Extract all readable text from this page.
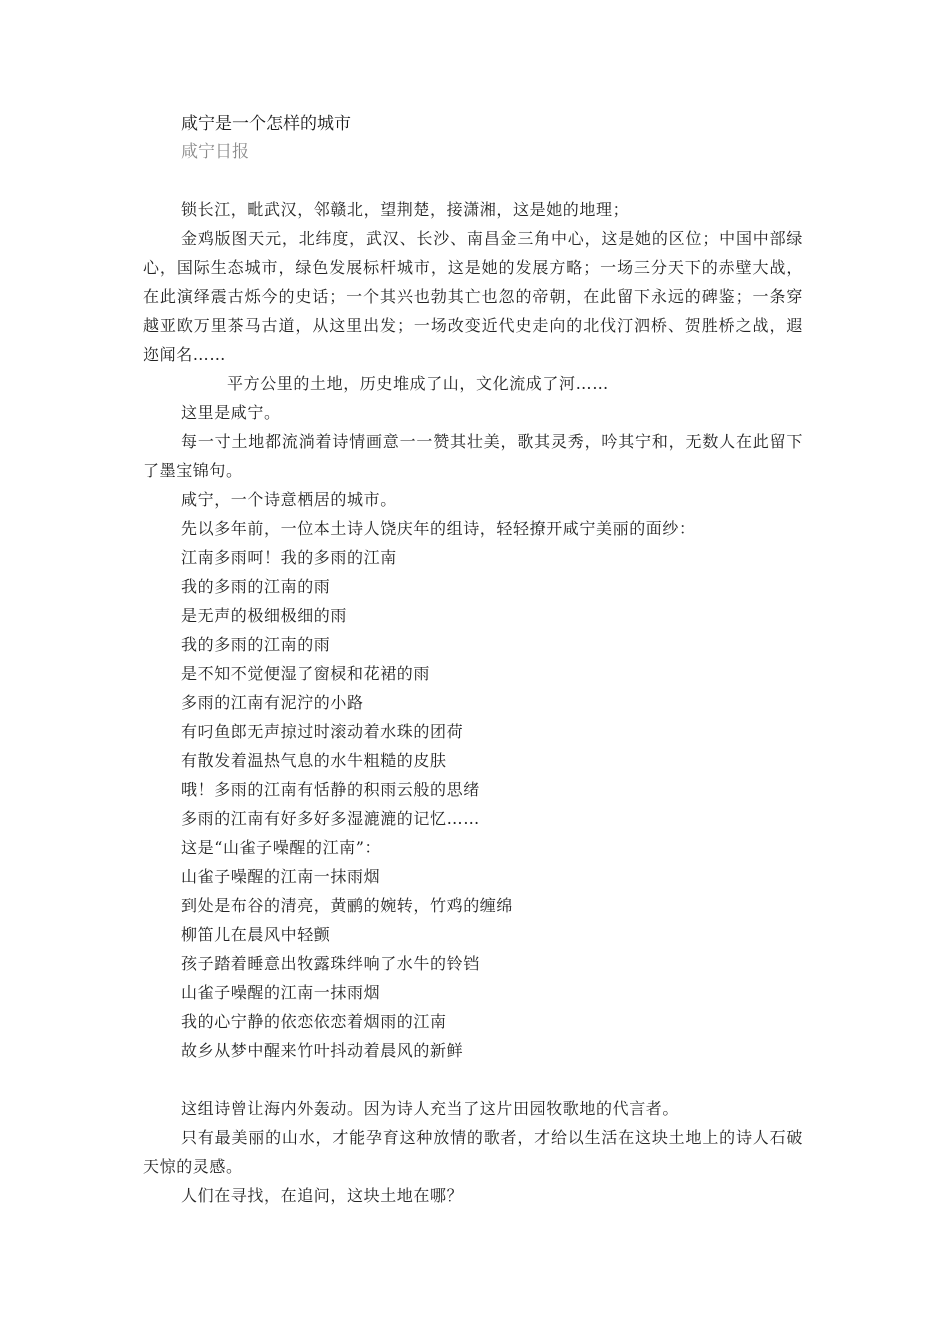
咸宁是一个怎样的城市
咸宁日报

锁长江，毗武汉，邻赣北，望荆楚，接潇湘，这是她的地理；

金鸡版图天元，北纬度，武汉、长沙、南昌金三角中心，这是她的区位；中国中部绿心，国际生态城市，绿色发展标杆城市，这是她的发展方略；一场三分天下的赤壁大战，在此演绎震古烁今的史话；一个其兴也勃其亡也忽的帝朝，在此留下永远的碑鉴；一条穿越亚欧万里茶马古道，从这里出发；一场改变近代史走向的北伐汀泗桥、贺胜桥之战，遐迩闻名……

平方公里的土地，历史堆成了山，文化流成了河……

这里是咸宁。

每一寸土地都流淌着诗情画意一一赞其壮美，歌其灵秀，吟其宁和，无数人在此留下了墨宝锦句。

咸宁，一个诗意栖居的城市。

先以多年前，一位本土诗人饶庆年的组诗，轻轻撩开咸宁美丽的面纱：

江南多雨呵！我的多雨的江南
我的多雨的江南的雨
是无声的极细极细的雨
我的多雨的江南的雨
是不知不觉便湿了窗棂和花裙的雨
多雨的江南有泥泞的小路
有叼鱼郎无声掠过时滚动着水珠的团荷
有散发着温热气息的水牛粗糙的皮肤
哦！多雨的江南有恬静的积雨云般的思绪
多雨的江南有好多好多湿漉漉的记忆……
这是“山雀子噪醒的江南”：
山雀子噪醒的江南一抹雨烟
到处是布谷的清亮，黄鹂的婉转，竹鸡的缠绵
柳笛儿在晨风中轻颤
孩子踏着睡意出牧露珠绊响了水牛的铃铛
山雀子噪醒的江南一抹雨烟
我的心宁静的依恋依恋着烟雨的江南
故乡从梦中醒来竹叶抖动着晨风的新鲜

这组诗曾让海内外轰动。因为诗人充当了这片田园牧歌地的代言者。

只有最美丽的山水，才能孕育这种放情的歌者，才给以生活在这块土地上的诗人石破天惊的灵感。

人们在寻找，在追问，这块土地在哪？
